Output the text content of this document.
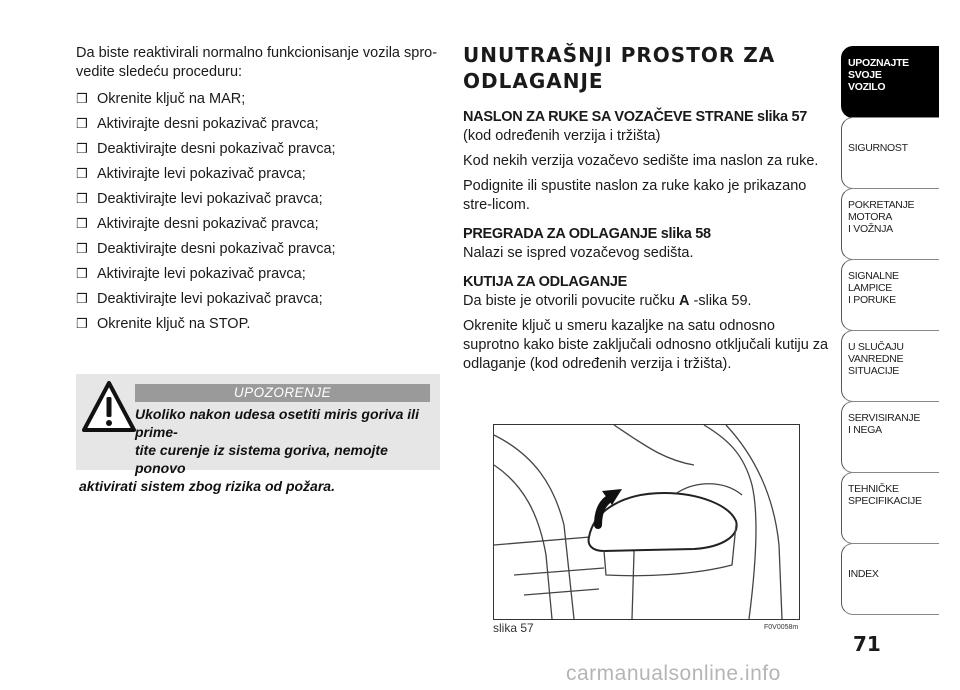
Da biste reaktivirali normalno funkcionisanje vozila spro-vedite sledeću proceduru:

❒ Okrenite ključ na MAR;
❒ Aktivirajte desni pokazivač pravca;
❒ Deaktivirajte desni pokazivač pravca;
❒ Aktivirajte levi pokazivač pravca;
❒ Deaktivirajte levi pokazivač pravca;
❒ Aktivirajte desni pokazivač pravca;
❒ Deaktivirajte desni pokazivač pravca;
❒ Aktivirajte levi pokazivač pravca;
❒ Deaktivirajte levi pokazivač pravca;
❒ Okrenite ključ na STOP.
UPOZORENJE
Ukoliko nakon udesa osetiti miris goriva ili prime-
tite curenje iz sistema goriva, nemojte ponovo
aktivirati sistem zbog rizika od požara.
UNUTRAŠNJI PROSTOR ZA
ODLAGANJE
NASLON ZA RUKE SA VOZAČEVE STRANE slika 57

(kod određenih verzija i tržišta)

Kod nekih verzija vozačevo sedište ima naslon za ruke.

Podignite ili spustite naslon za ruke kako je prikazano stre-licom.

PREGRADA ZA ODLAGANJE slika 58

Nalazi se ispred vozačevog sedišta.

KUTIJA ZA ODLAGANJE

Da biste je otvorili povucite ručku A -slika 59.

Okrenite ključ u smeru kazaljke na satu odnosno suprotno kako biste zaključali odnosno otključali kutiju za odlaganje (kod određenih verzija i tržišta).

slika 57	F0V0058m
UPOZNAJTE
SVOJE
VOZILO
SIGURNOST
POKRETANJE
MOTORA
I VOŽNJA
SIGNALNE
LAMPICE
I PORUKE
U SLUČAJU
VANREDNE
SITUACIJE
SERVISIRANJE
I NEGA
TEHNIČKE
SPECIFIKACIJE
INDEX
71
carmanualsonline.info
